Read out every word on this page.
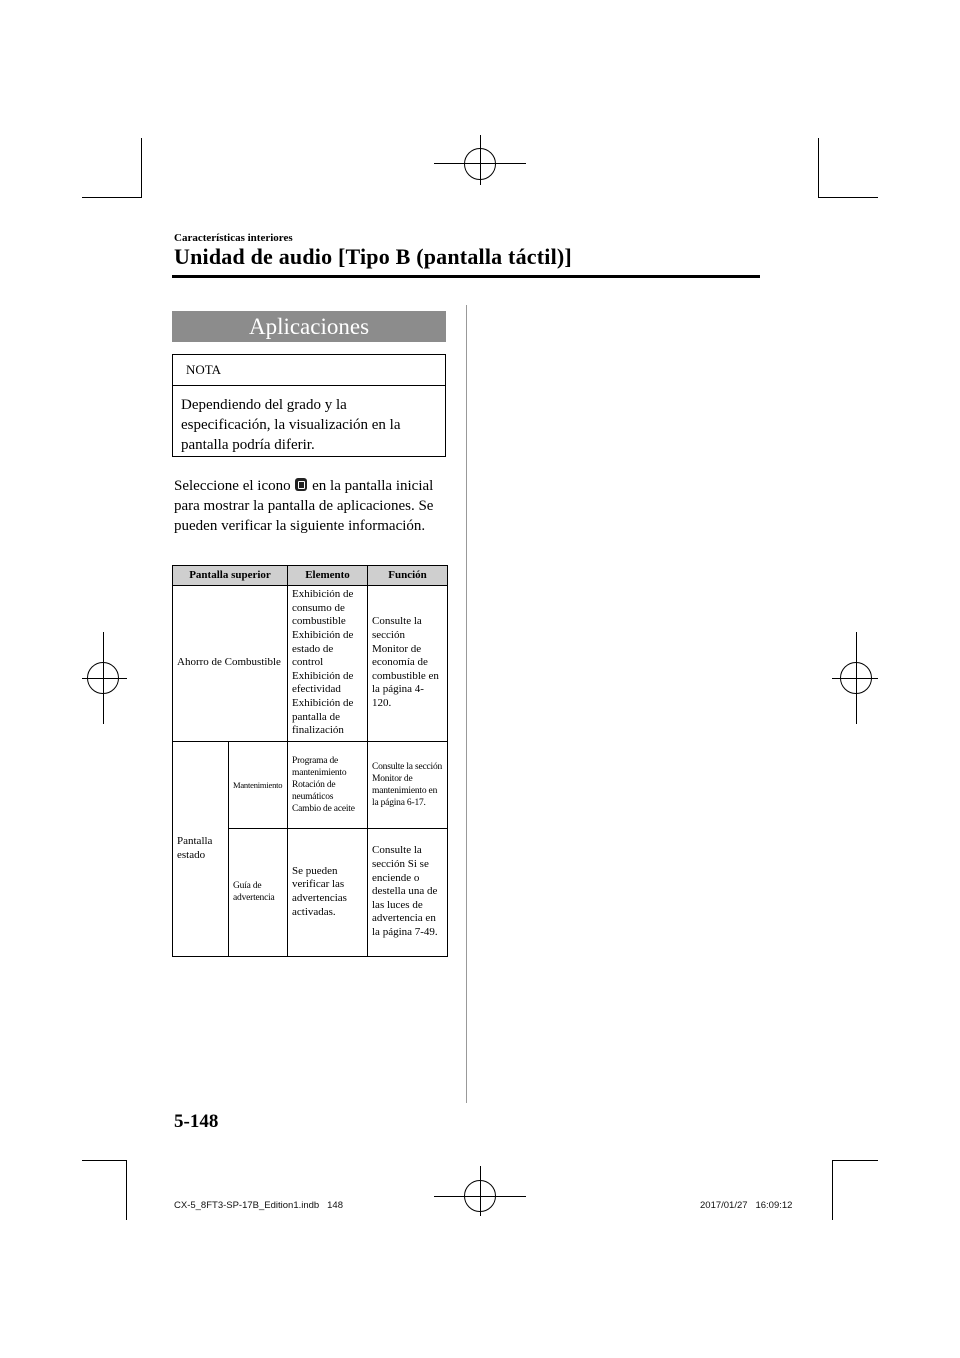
Características interiores
Unidad de audio [Tipo B (pantalla táctil)]
Aplicaciones
NOTA
Dependiendo del grado y la especificación, la visualización en la pantalla podría diferir.
Seleccione el icono en la pantalla inicial para mostrar la pantalla de aplicaciones. Se pueden verificar la siguiente información.
Pantalla superior		Elemento	Función
Ahorro de Combustible		Exhibición de consumo de combustible Exhibición de estado de control Exhibición de efectividad Exhibición de pantalla de finalización	Consulte la sección Monitor de economía de combustible en la página 4-120.
Pantalla estado	Mantenimiento	Programa de mantenimiento Rotación de neumáticos Cambio de aceite	Consulte la sección Monitor de mantenimiento en la página 6-17.
	Guía de advertencia	Se pueden verificar las advertencias activadas.	Consulte la sección Si se enciende o destella una de las luces de advertencia en la página 7-49.
5-148
CX-5_8FT3-SP-17B_Edition1.indb   148	2017/01/27   16:09:12
